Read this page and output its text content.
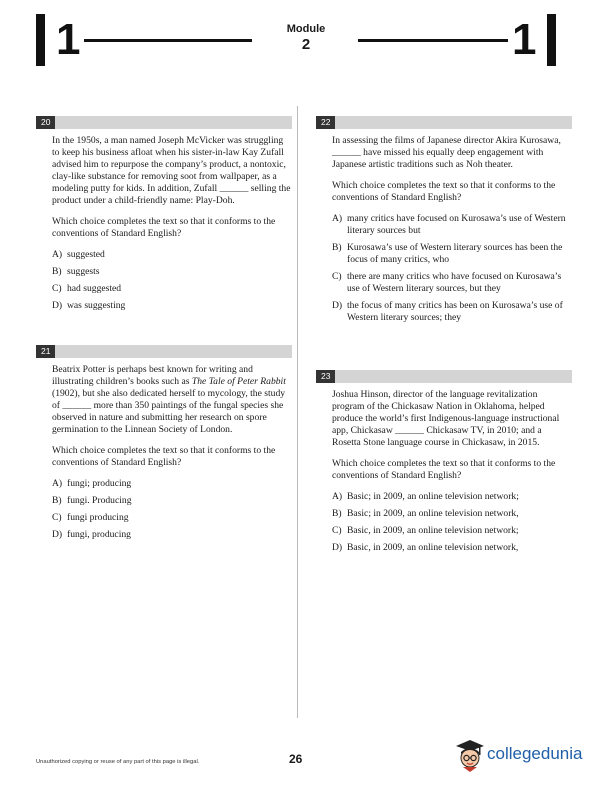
1	Module
2	1
20

In the 1950s, a man named Joseph McVicker was struggling to keep his business afloat when his sister-in-law Kay Zufall advised him to repurpose the company’s product, a nontoxic, clay-like substance for removing soot from wallpaper, as a modeling putty for kids. In addition, Zufall ______ selling the product under a child-friendly name: Play-Doh.

Which choice completes the text so that it conforms to the conventions of Standard English?

A) suggested
B) suggests
C) had suggested
D) was suggesting
21

Beatrix Potter is perhaps best known for writing and illustrating children’s books such as The Tale of Peter Rabbit (1902), but she also dedicated herself to mycology, the study of ______ more than 350 paintings of the fungal species she observed in nature and submitting her research on spore germination to the Linnean Society of London.

Which choice completes the text so that it conforms to the conventions of Standard English?

A) fungi; producing
B) fungi. Producing
C) fungi producing
D) fungi, producing
22

In assessing the films of Japanese director Akira Kurosawa, ______ have missed his equally deep engagement with Japanese artistic traditions such as Noh theater.

Which choice completes the text so that it conforms to the conventions of Standard English?

A) many critics have focused on Kurosawa’s use of Western literary sources but
B) Kurosawa’s use of Western literary sources has been the focus of many critics, who
C) there are many critics who have focused on Kurosawa’s use of Western literary sources, but they
D) the focus of many critics has been on Kurosawa’s use of Western literary sources; they
23

Joshua Hinson, director of the language revitalization program of the Chickasaw Nation in Oklahoma, helped produce the world’s first Indigenous-language instructional app, Chickasaw ______ Chickasaw TV, in 2010; and a Rosetta Stone language course in Chickasaw, in 2015.

Which choice completes the text so that it conforms to the conventions of Standard English?

A) Basic; in 2009, an online television network;
B) Basic; in 2009, an online television network,
C) Basic, in 2009, an online television network;
D) Basic, in 2009, an online television network,
Unauthorized copying or reuse of any part of this page is illegal.	26	collegedunia
